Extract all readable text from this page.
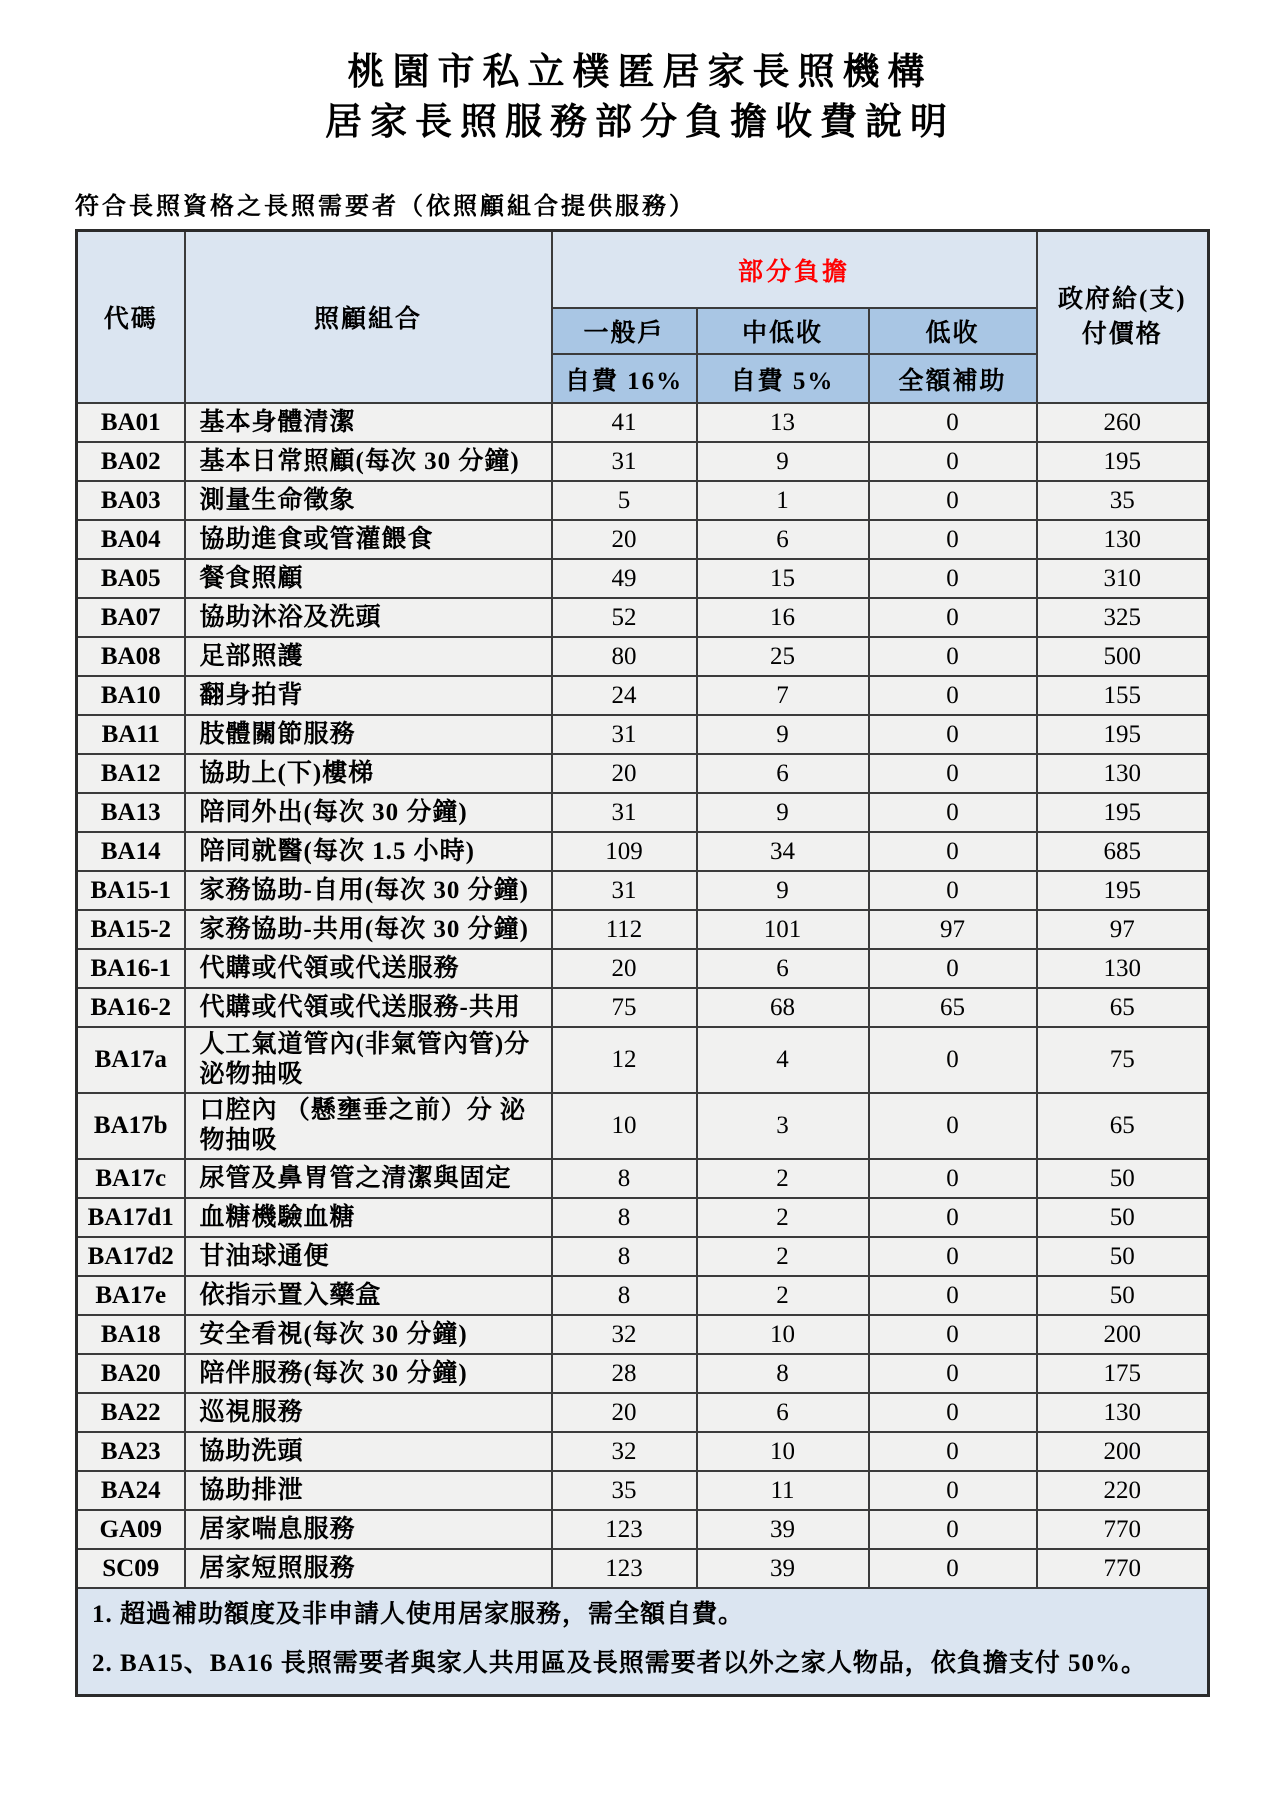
桃園市私立樸匿居家長照機構
居家長照服務部分負擔收費說明
符合長照資格之長照需要者（依照顧組合提供服務）
代碼	照顧組合	部分負擔			政府給(支)
付價格

		一般戶	中低收	低收	
		自費 16%	自費 5%	全額補助	
BA01	基本身體清潔	41	13	0	260
BA02	基本日常照顧(每次 30 分鐘)	31	9	0	195
BA03	測量生命徵象	5	1	0	35
BA04	協助進食或管灌餵食	20	6	0	130
BA05	餐食照顧	49	15	0	310
BA07	協助沐浴及洗頭	52	16	0	325
BA08	足部照護	80	25	0	500
BA10	翻身拍背	24	7	0	155
BA11	肢體關節服務	31	9	0	195
BA12	協助上(下)樓梯	20	6	0	130
BA13	陪同外出(每次 30 分鐘)	31	9	0	195
BA14	陪同就醫(每次 1.5 小時)	109	34	0	685
BA15-1	家務協助-自用(每次 30 分鐘)	31	9	0	195
BA15-2	家務協助-共用(每次 30 分鐘)	112	101	97	97
BA16-1	代購或代領或代送服務	20	6	0	130
BA16-2	代購或代領或代送服務-共用	75	68	65	65
BA17a	人工氣道管內(非氣管內管)分泌物抽吸	12	4	0	75
BA17b	口腔內 （懸壅垂之前）分 泌物抽吸	10	3	0	65
BA17c	尿管及鼻胃管之清潔與固定	8	2	0	50
BA17d1	血糖機驗血糖	8	2	0	50
BA17d2	甘油球通便	8	2	0	50
BA17e	依指示置入藥盒	8	2	0	50
BA18	安全看視(每次 30 分鐘)	32	10	0	200
BA20	陪伴服務(每次 30 分鐘)	28	8	0	175
BA22	巡視服務	20	6	0	130
BA23	協助洗頭	32	10	0	200
BA24	協助排泄	35	11	0	220
GA09	居家喘息服務	123	39	0	770
SC09	居家短照服務	123	39	0	770

1. 超過補助額度及非申請人使用居家服務，需全額自費。
2. BA15、BA16 長照需要者與家人共用區及長照需要者以外之家人物品，依負擔支付 50%。					
